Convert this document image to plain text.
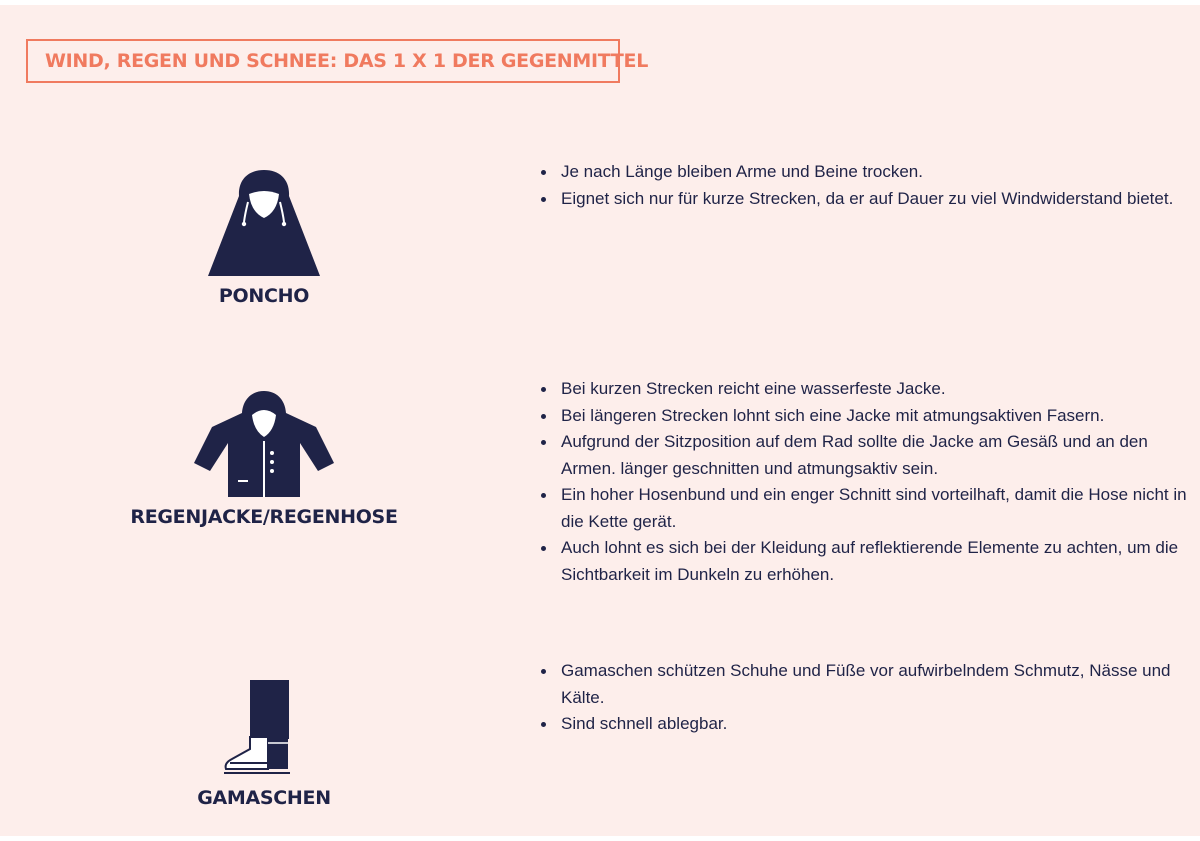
WIND, REGEN UND SCHNEE: DAS 1 X 1 DER GEGENMITTEL
PONCHO
Je nach Länge bleiben Arme und Beine trocken.
Eignet sich nur für kurze Strecken, da er auf Dauer zu viel Windwiderstand bietet.
REGENJACKE/REGENHOSE
Bei kurzen Strecken reicht eine wasserfeste Jacke.
Bei längeren Strecken lohnt sich eine Jacke mit atmungsaktiven Fasern.
Aufgrund der Sitzposition auf dem Rad sollte die Jacke am Gesäß und an den Armen. länger geschnitten und atmungsaktiv sein.
Ein hoher Hosenbund und ein enger Schnitt sind vorteilhaft, damit die Hose nicht in die Kette gerät.
Auch lohnt es sich bei der Kleidung auf reflektierende Elemente zu achten, um die Sichtbarkeit im Dunkeln zu erhöhen.
GAMASCHEN
Gamaschen schützen Schuhe und Füße vor aufwirbelndem Schmutz, Nässe und Kälte.
Sind schnell ablegbar.
